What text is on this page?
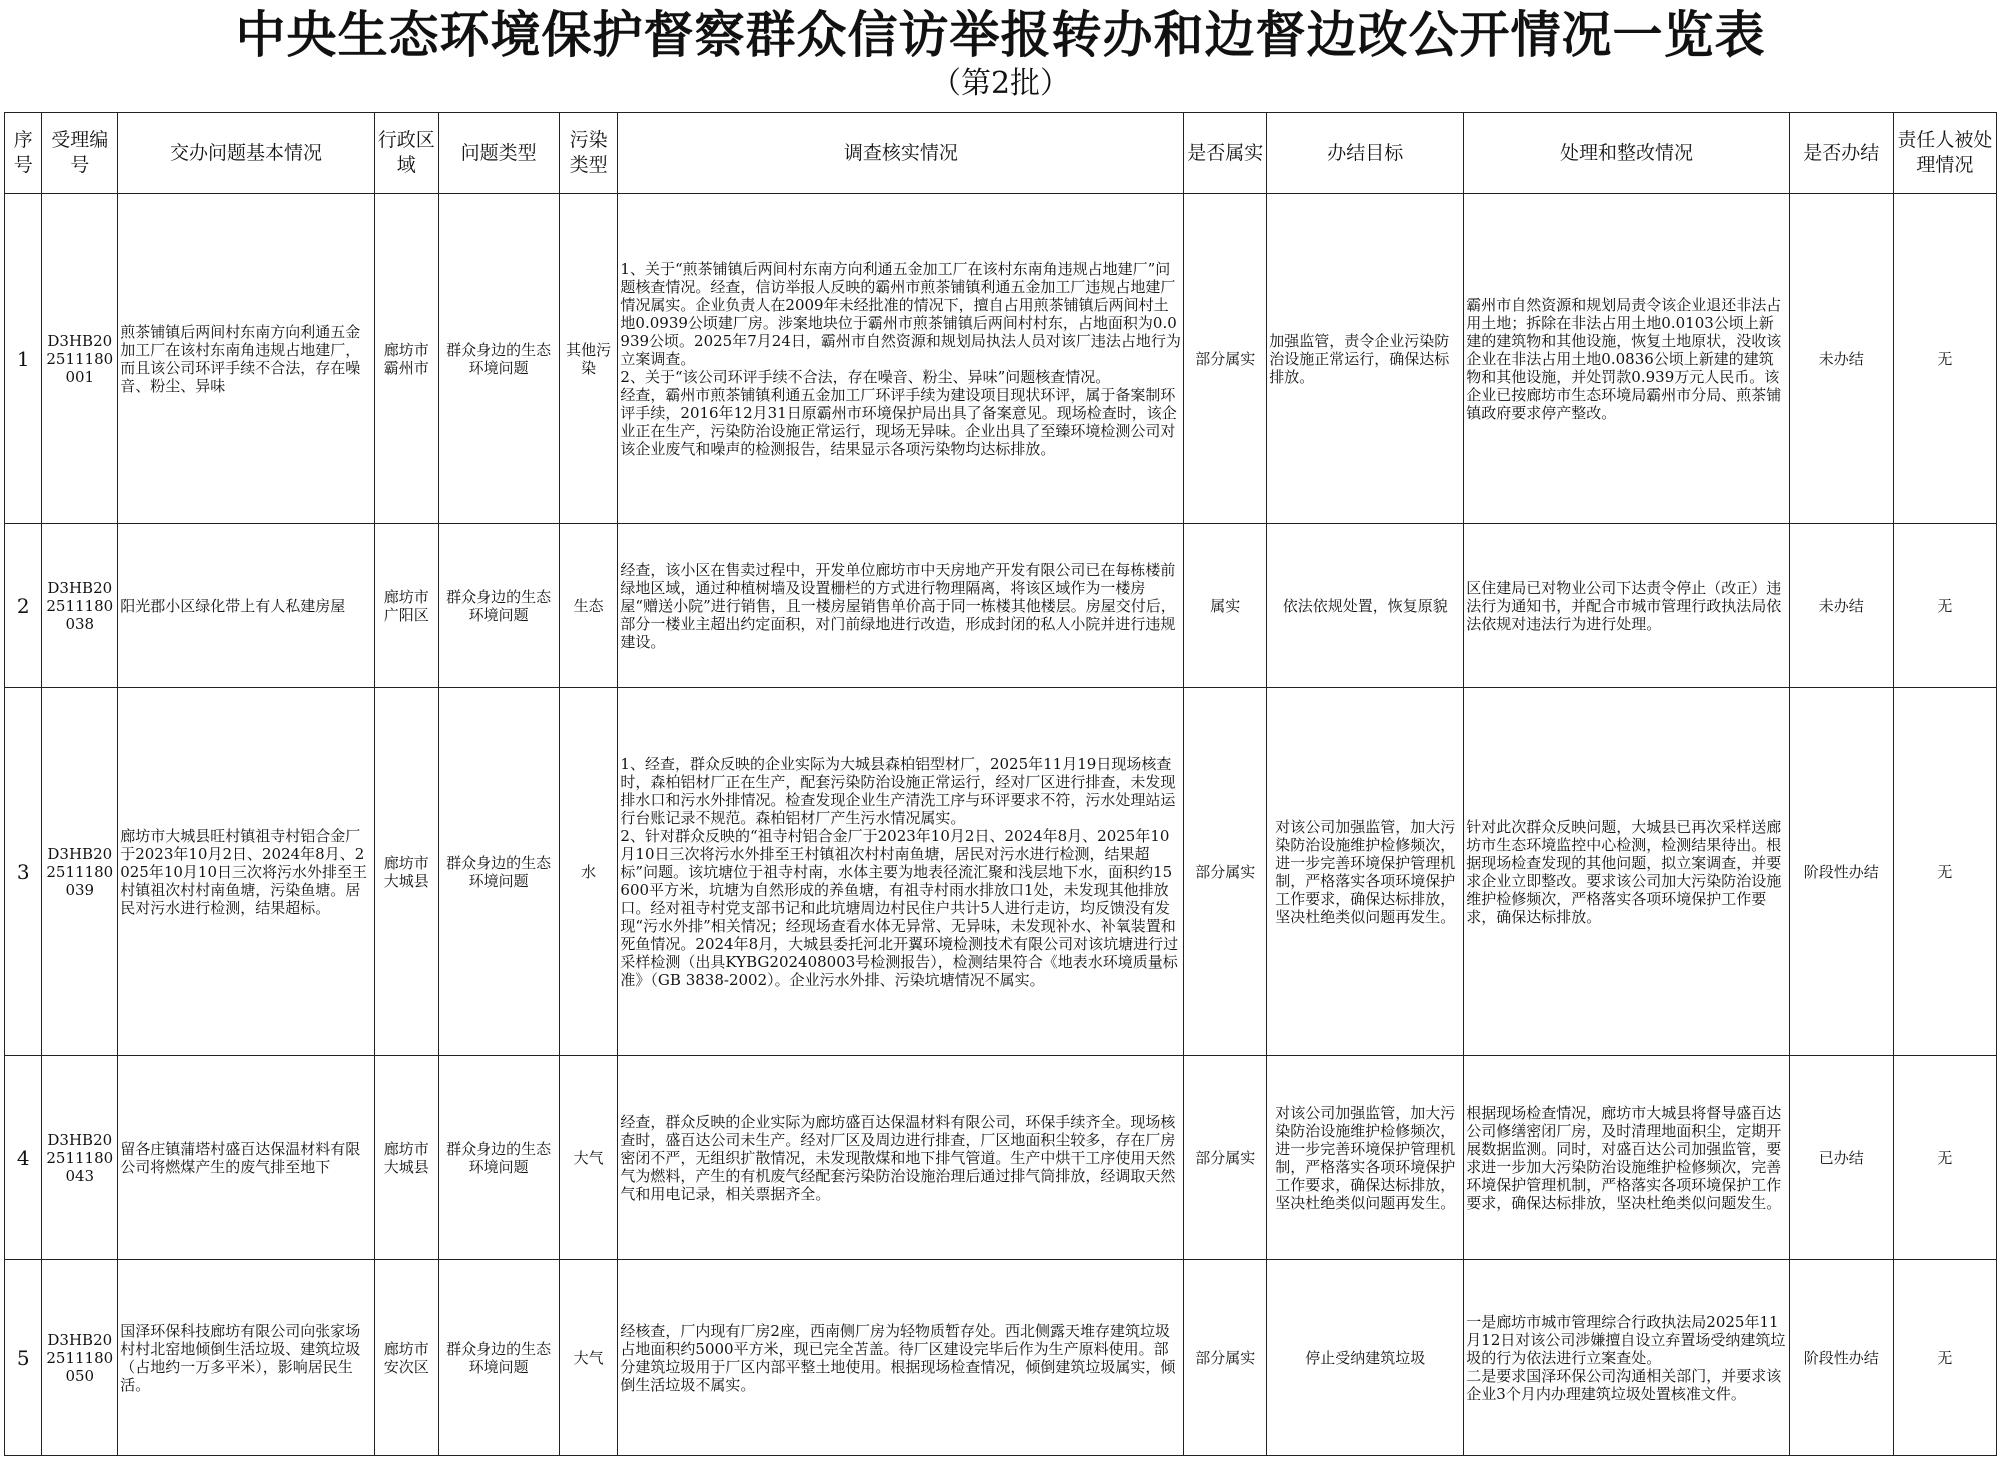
中央生态环境保护督察群众信访举报转办和边督边改公开情况一览表
（第2批）
序号	受理编号	交办问题基本情况	行政区域	问题类型	污染类型	调查核实情况	是否属实	办结目标	处理和整改情况	是否办结	责任人被处理情况
1	D3HB202511180001	煎茶铺镇后两间村东南方向利通五金加工厂在该村东南角违规占地建厂，而且该公司环评手续不合法，存在噪音、粉尘、异味	廊坊市霸州市	群众身边的生态环境问题	其他污染	1、关于“煎茶铺镇后两间村东南方向利通五金加工厂在该村东南角违规占地建厂”问题核查情况。经查，信访举报人反映的霸州市煎茶铺镇利通五金加工厂违规占地建厂情况属实。企业负责人在2009年未经批准的情况下，擅自占用煎茶铺镇后两间村土地0.0939公顷建厂房。涉案地块位于霸州市煎茶铺镇后两间村村东，占地面积为0.0939公顷。2025年7月24日，霸州市自然资源和规划局执法人员对该厂违法占地行为立案调查。
2、关于“该公司环评手续不合法，存在噪音、粉尘、异味”问题核查情况。
经查，霸州市煎茶铺镇利通五金加工厂环评手续为建设项目现状环评，属于备案制环评手续，2016年12月31日原霸州市环境保护局出具了备案意见。现场检查时，该企业正在生产，污染防治设施正常运行，现场无异味。企业出具了至臻环境检测公司对该企业废气和噪声的检测报告，结果显示各项污染物均达标排放。	部分属实	加强监管，责令企业污染防治设施正常运行，确保达标排放。	霸州市自然资源和规划局责令该企业退还非法占用土地；拆除在非法占用土地0.0103公顷上新建的建筑物和其他设施，恢复土地原状，没收该企业在非法占用土地0.0836公顷上新建的建筑物和其他设施，并处罚款0.939万元人民币。该企业已按廊坊市生态环境局霸州市分局、煎茶铺镇政府要求停产整改。	未办结	无
2	D3HB202511180038	阳光郡小区绿化带上有人私建房屋	廊坊市广阳区	群众身边的生态环境问题	生态	经查，该小区在售卖过程中，开发单位廊坊市中天房地产开发有限公司已在每栋楼前绿地区域，通过种植树墙及设置栅栏的方式进行物理隔离，将该区域作为一楼房屋“赠送小院”进行销售，且一楼房屋销售单价高于同一栋楼其他楼层。房屋交付后，部分一楼业主超出约定面积，对门前绿地进行改造，形成封闭的私人小院并进行违规建设。	属实	依法依规处置，恢复原貌	区住建局已对物业公司下达责令停止（改正）违法行为通知书，并配合市城市管理行政执法局依法依规对违法行为进行处理。	未办结	无
3	D3HB202511180039	廊坊市大城县旺村镇祖寺村铝合金厂于2023年10月2日、2024年8月、2025年10月10日三次将污水外排至王村镇祖次村村南鱼塘，污染鱼塘。居民对污水进行检测，结果超标。	廊坊市大城县	群众身边的生态环境问题	水	1、经查，群众反映的企业实际为大城县森柏铝型材厂，2025年11月19日现场核查时，森柏铝材厂正在生产，配套污染防治设施正常运行，经对厂区进行排查，未发现排水口和污水外排情况。检查发现企业生产清洗工序与环评要求不符，污水处理站运行台账记录不规范。森柏铝材厂产生污水情况属实。
2、针对群众反映的“祖寺村铝合金厂于2023年10月2日、2024年8月、2025年10月10日三次将污水外排至王村镇祖次村村南鱼塘，居民对污水进行检测，结果超标”问题。该坑塘位于祖寺村南，水体主要为地表径流汇聚和浅层地下水，面积约15600平方米，坑塘为自然形成的养鱼塘，有祖寺村雨水排放口1处，未发现其他排放口。经对祖寺村党支部书记和此坑塘周边村民住户共计5人进行走访，均反馈没有发现“污水外排”相关情况；经现场查看水体无异常、无异味，未发现补水、补氧装置和死鱼情况。2024年8月，大城县委托河北开翼环境检测技术有限公司对该坑塘进行过采样检测（出具KYBG202408003号检测报告），检测结果符合《地表水环境质量标准》（GB 3838-2002）。企业污水外排、污染坑塘情况不属实。	部分属实	对该公司加强监管，加大污染防治设施维护检修频次，进一步完善环境保护管理机制，严格落实各项环境保护工作要求，确保达标排放，坚决杜绝类似问题再发生。	针对此次群众反映问题，大城县已再次采样送廊坊市生态环境监控中心检测，检测结果待出。根据现场检查发现的其他问题，拟立案调查，并要求企业立即整改。要求该公司加大污染防治设施维护检修频次，严格落实各项环境保护工作要求，确保达标排放。	阶段性办结	无
4	D3HB202511180043	留各庄镇蒲塔村盛百达保温材料有限公司将燃煤产生的废气排至地下	廊坊市大城县	群众身边的生态环境问题	大气	经查，群众反映的企业实际为廊坊盛百达保温材料有限公司，环保手续齐全。现场核查时，盛百达公司未生产。经对厂区及周边进行排查，厂区地面积尘较多，存在厂房密闭不严，无组织扩散情况，未发现散煤和地下排气管道。生产中烘干工序使用天然气为燃料，产生的有机废气经配套污染防治设施治理后通过排气筒排放，经调取天然气和用电记录，相关票据齐全。	部分属实	对该公司加强监管，加大污染防治设施维护检修频次，进一步完善环境保护管理机制，严格落实各项环境保护工作要求，确保达标排放，坚决杜绝类似问题再发生。	根据现场检查情况，廊坊市大城县将督导盛百达公司修缮密闭厂房，及时清理地面积尘，定期开展数据监测。同时，对盛百达公司加强监管，要求进一步加大污染防治设施维护检修频次，完善环境保护管理机制，严格落实各项环境保护工作要求，确保达标排放，坚决杜绝类似问题发生。	已办结	无
5	D3HB202511180050	国泽环保科技廊坊有限公司向张家场村村北窑地倾倒生活垃圾、建筑垃圾（占地约一万多平米），影响居民生活。	廊坊市安次区	群众身边的生态环境问题	大气	经核查，厂内现有厂房2座，西南侧厂房为轻物质暂存处。西北侧露天堆存建筑垃圾占地面积约5000平方米，现已完全苫盖。待厂区建设完毕后作为生产原料使用。部分建筑垃圾用于厂区内部平整土地使用。根据现场检查情况，倾倒建筑垃圾属实，倾倒生活垃圾不属实。	部分属实	停止受纳建筑垃圾	一是廊坊市城市管理综合行政执法局2025年11月12日对该公司涉嫌擅自设立弃置场受纳建筑垃圾的行为依法进行立案查处。
二是要求国泽环保公司沟通相关部门，并要求该企业3个月内办理建筑垃圾处置核准文件。	阶段性办结	无
